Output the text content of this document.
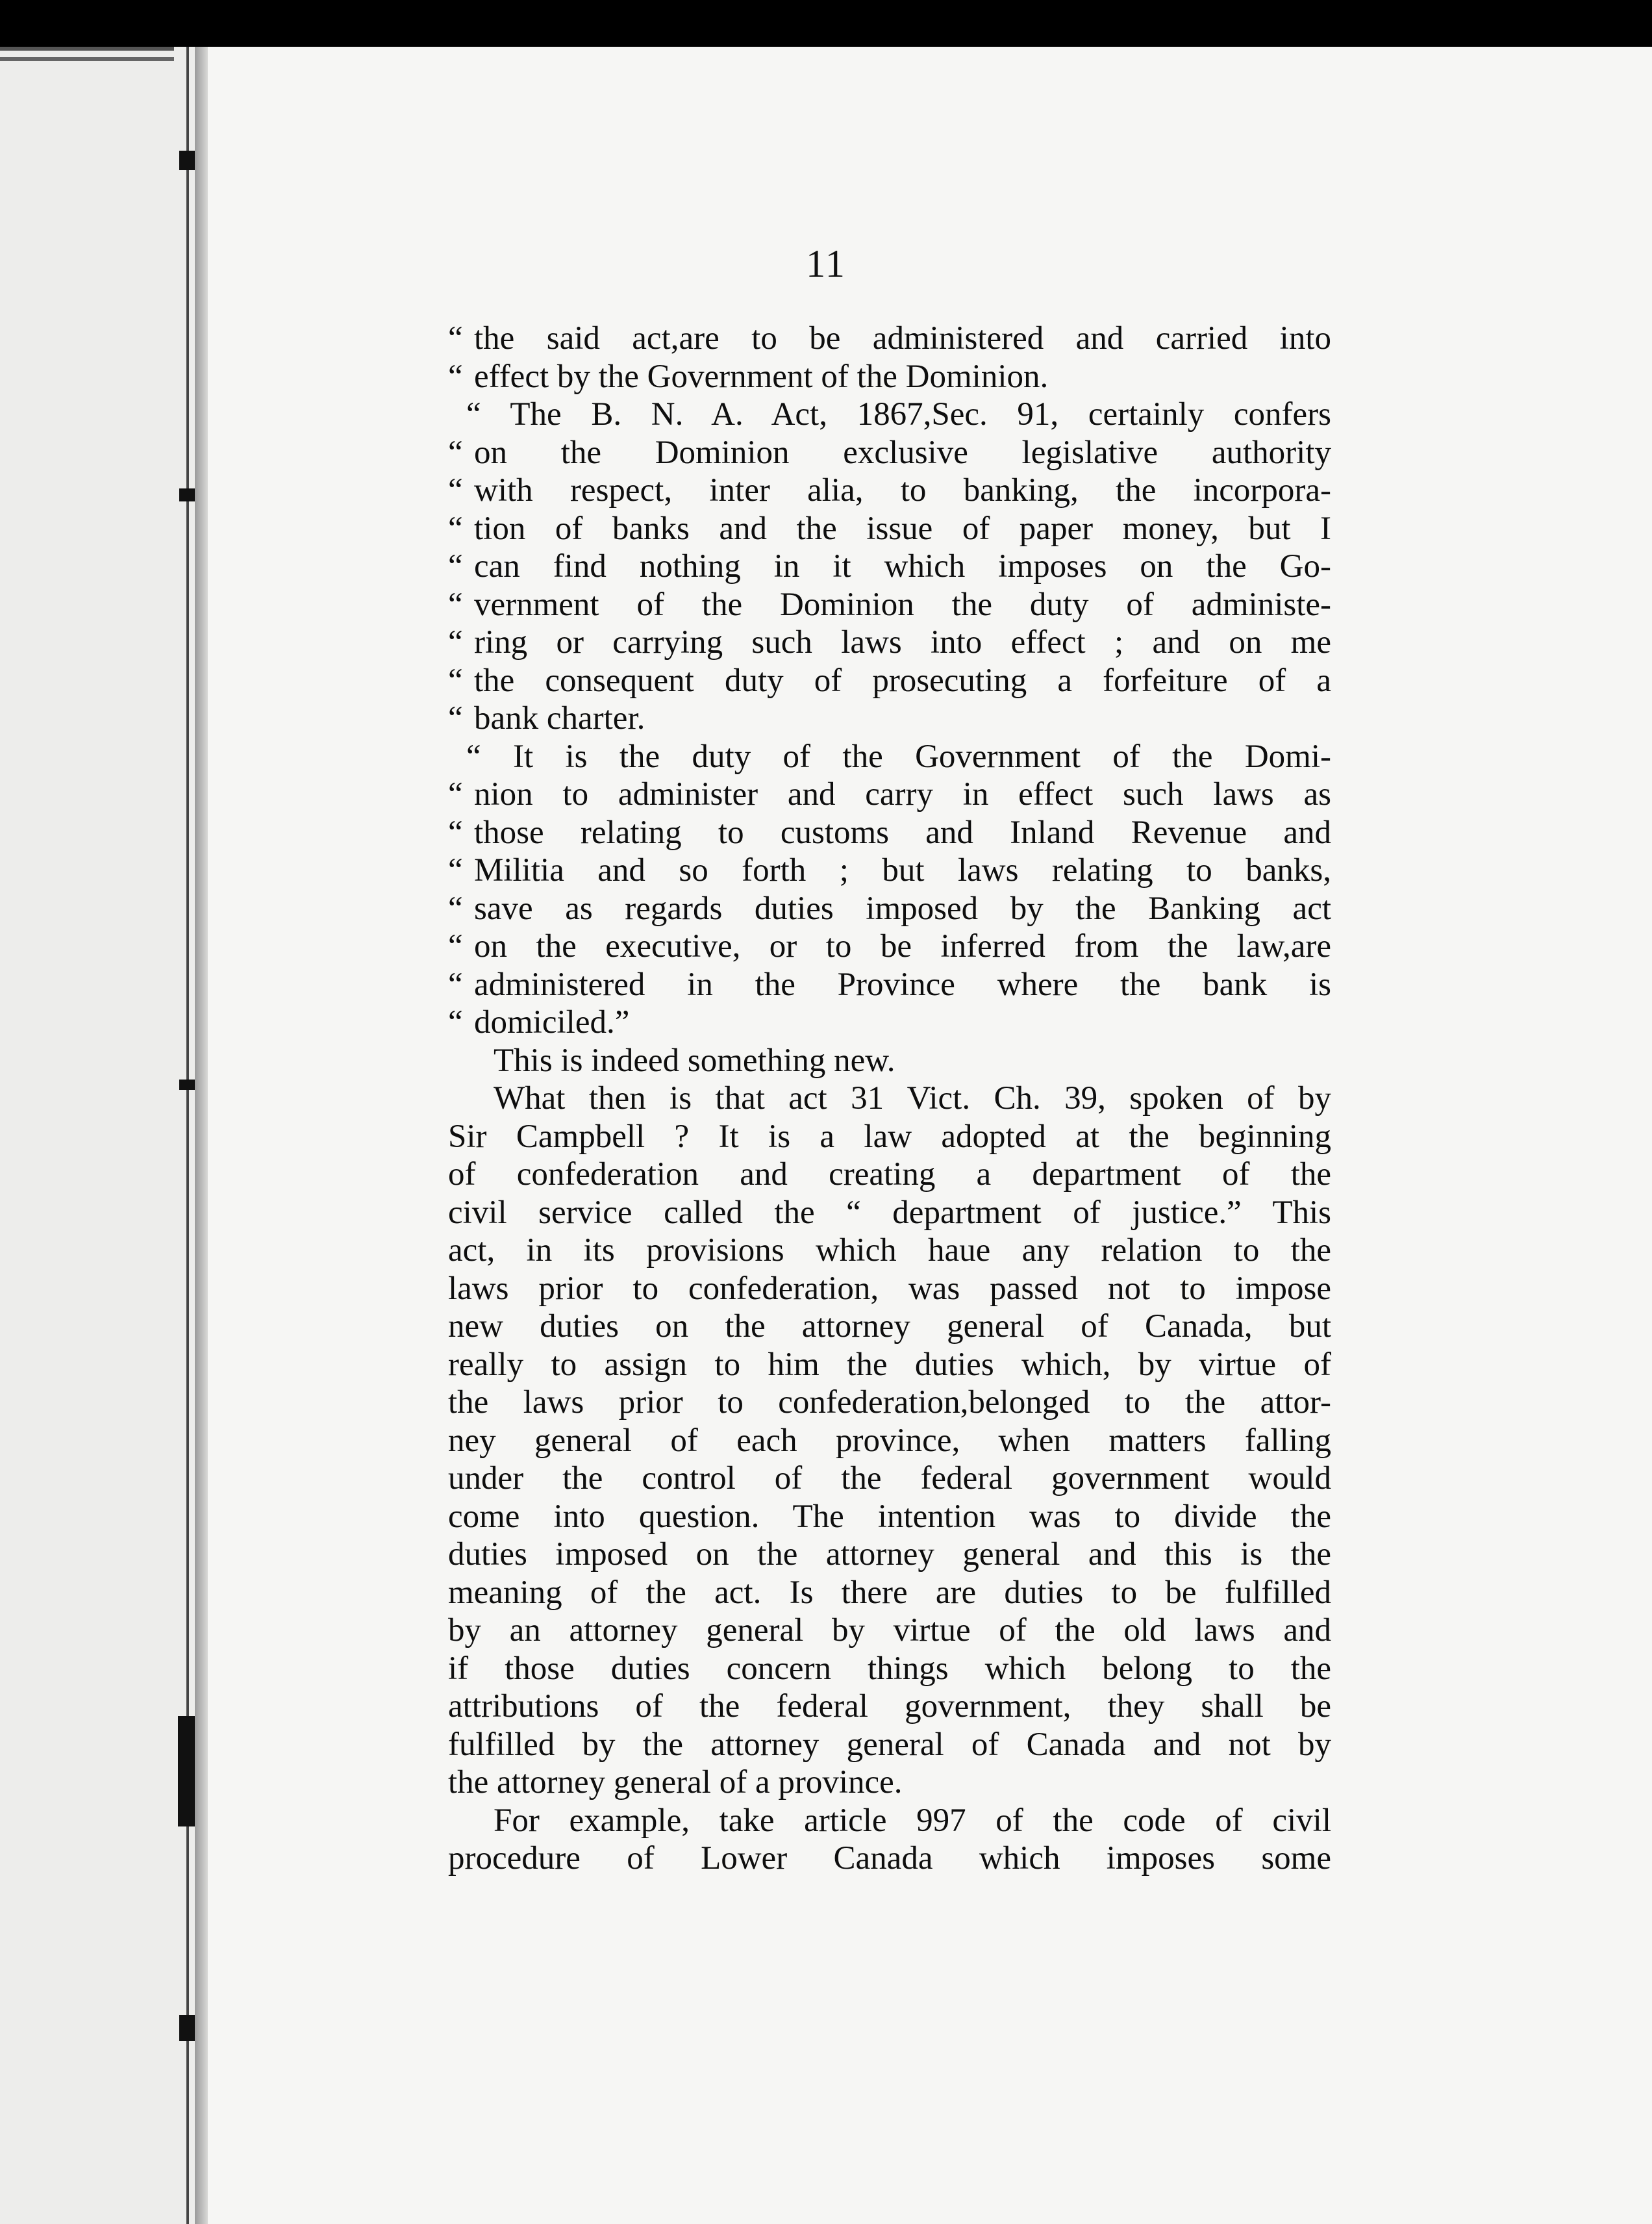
11
“ the said act,are to be administered and carried into
“ effect by the Government of the Dominion.
“ The B. N. A. Act, 1867,Sec. 91, certainly confers
“ on the Dominion exclusive legislative authority
“ with respect, inter alia, to banking, the incorpora-
“ tion of banks and the issue of paper money, but I
“ can find nothing in it which imposes on the Go-
“ vernment of the Dominion the duty of administe-
“ ring or carrying such laws into effect ; and on me
“ the consequent duty of prosecuting a forfeiture of a
“ bank charter.
“ It is the duty of the Government of the Domi-
“ nion to administer and carry in effect such laws as
“ those relating to customs and Inland Revenue and
“ Militia and so forth ; but laws relating to banks,
“ save as regards duties imposed by the Banking act
“ on the executive, or to be inferred from the law,are
“ administered in the Province where the bank is
“ domiciled.”
This is indeed something new.
What then is that act 31 Vict. Ch. 39, spoken of by
Sir Campbell ? It is a law adopted at the beginning
of confederation and creating a department of the
civil service called the “ department of justice.” This
act, in its provisions which haue any relation to the
laws prior to confederation, was passed not to impose
new duties on the attorney general of Canada, but
really to assign to him the duties which, by virtue of
the laws prior to confederation,belonged to the attor-
ney general of each province, when matters falling
under the control of the federal government would
come into question. The intention was to divide the
duties imposed on the attorney general and this is the
meaning of the act. Is there are duties to be fulfilled
by an attorney general by virtue of the old laws and
if those duties concern things which belong to the
attributions of the federal government, they shall be
fulfilled by the attorney general of Canada and not by
the attorney general of a province.
For example, take article 997 of the code of civil
procedure of Lower Canada which imposes some
